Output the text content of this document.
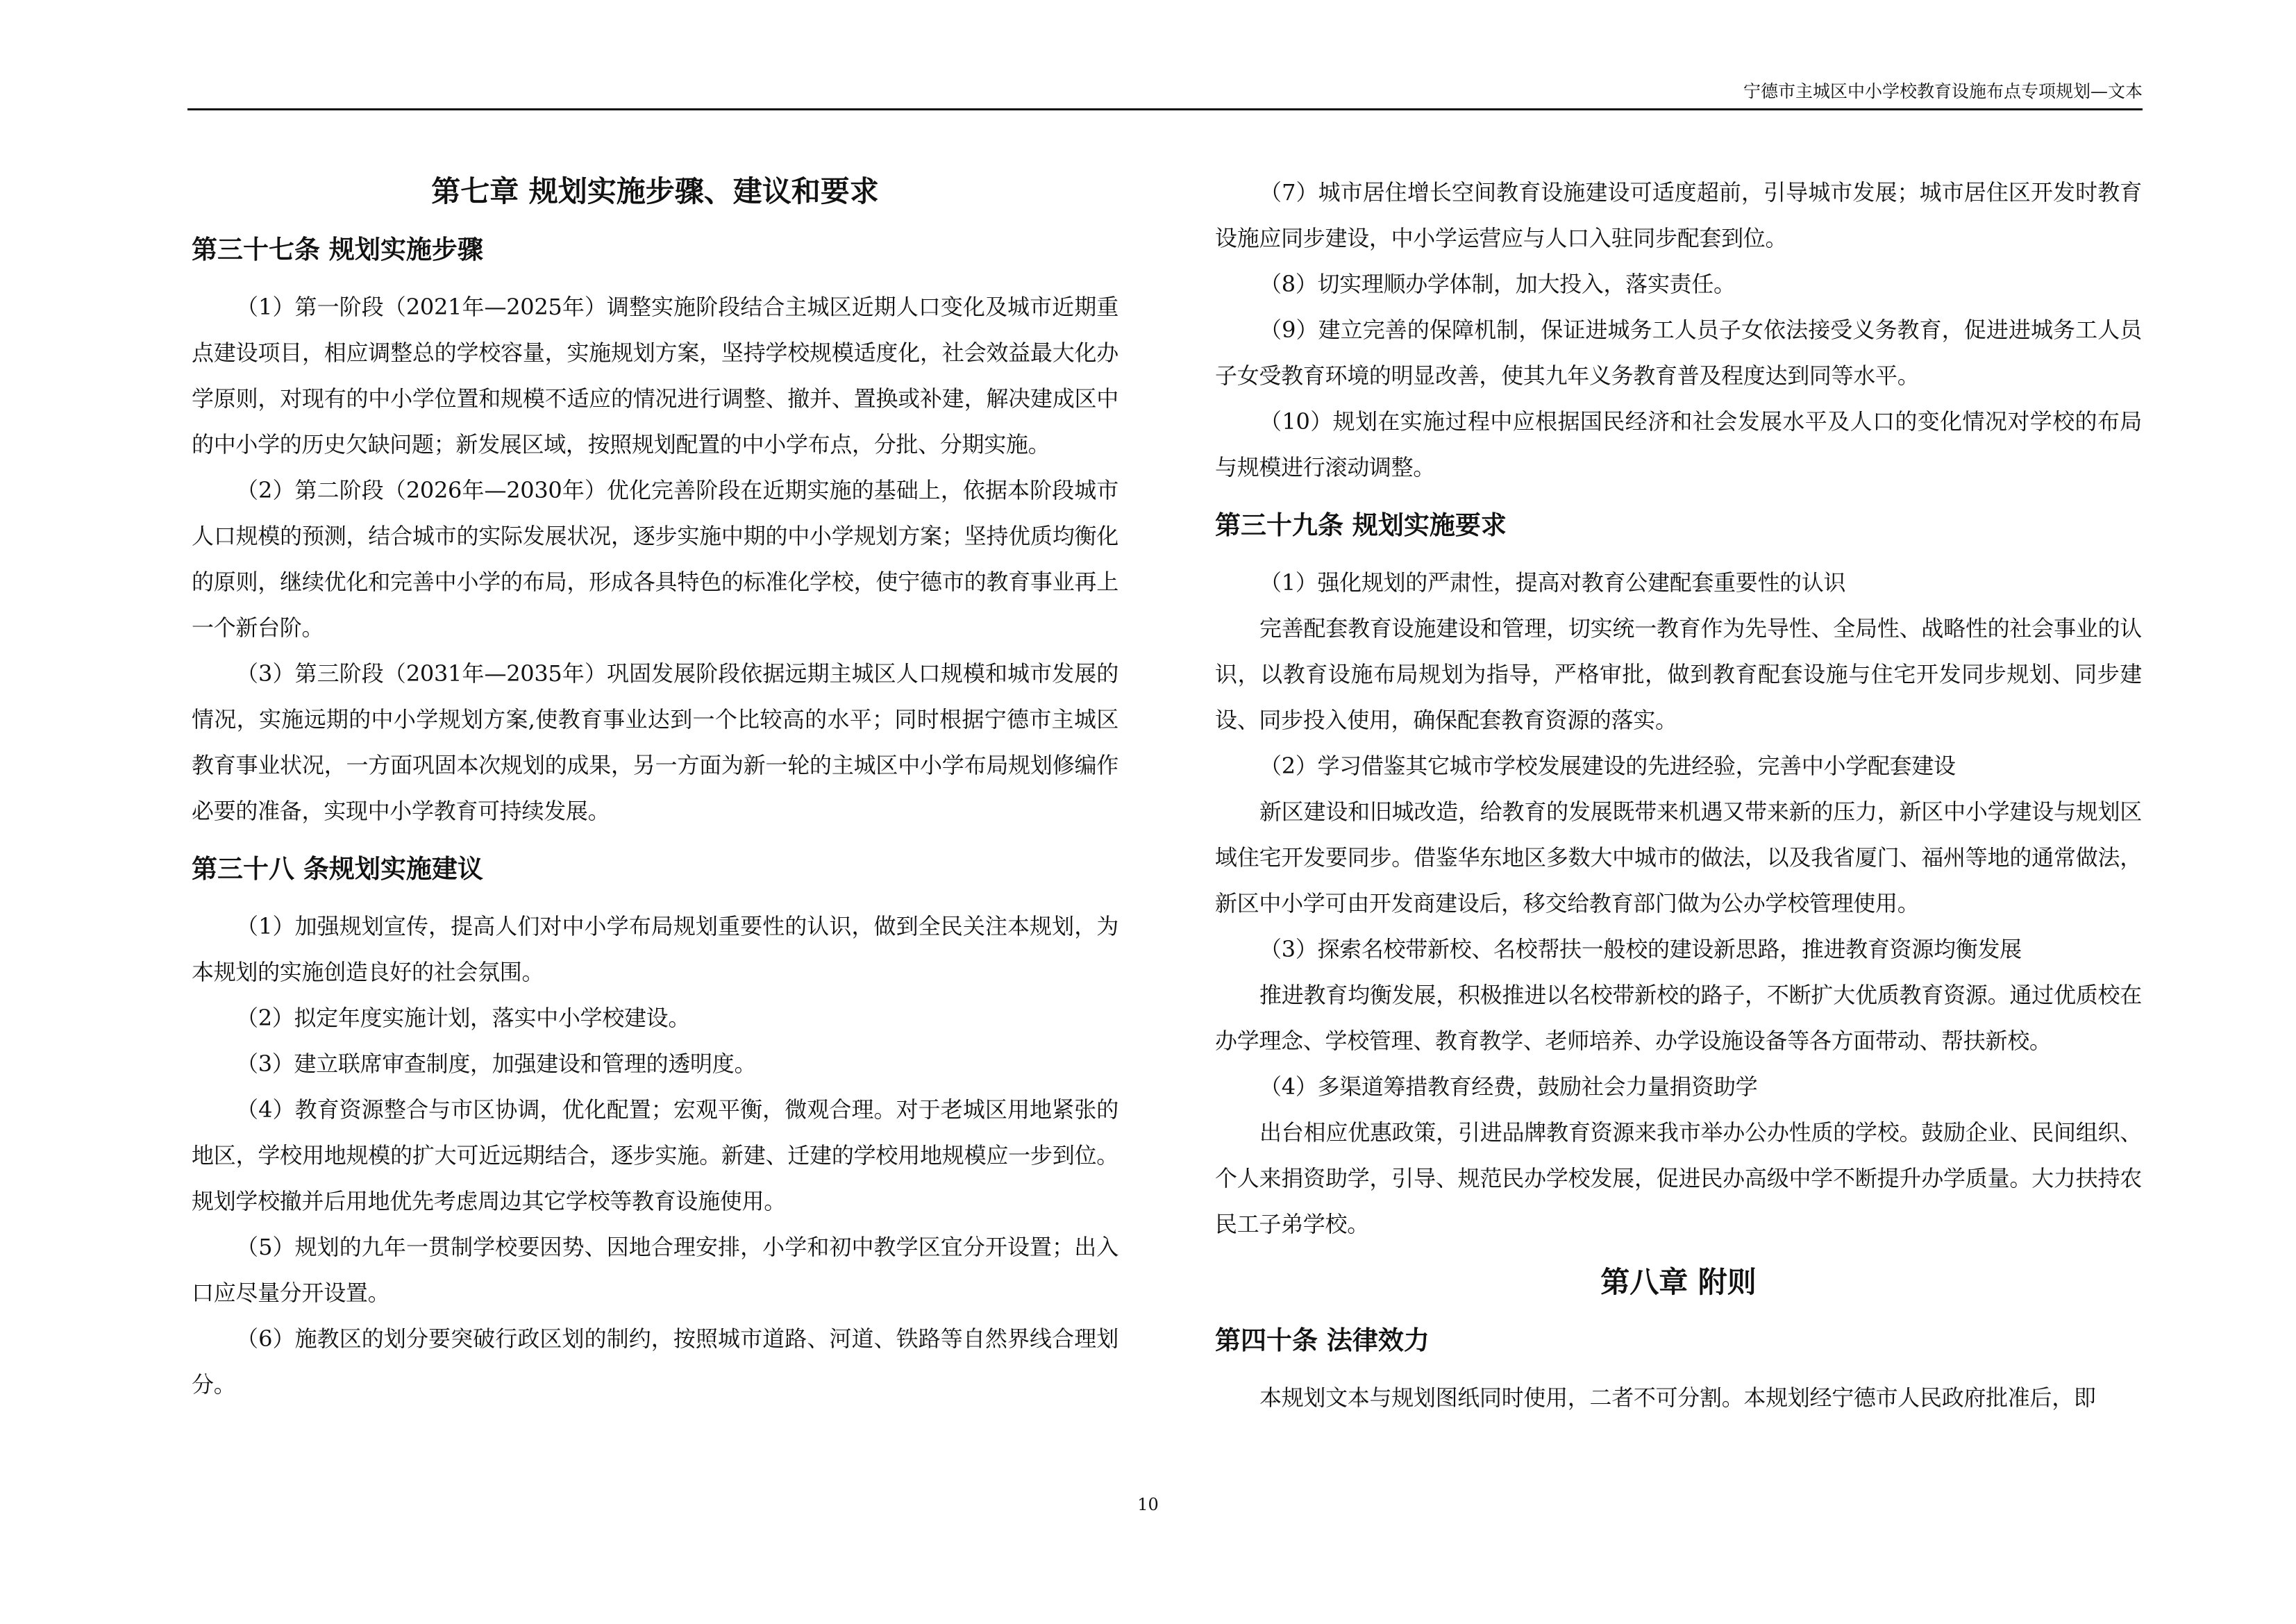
宁德市主城区中小学校教育设施布点专项规划—文本
第七章 规划实施步骤、建议和要求
第三十七条 规划实施步骤

（1）第一阶段（2021年—2025年）调整实施阶段结合主城区近期人口变化及城市近期重点建设项目，相应调整总的学校容量，实施规划方案，坚持学校规模适度化，社会效益最大化办学原则，对现有的中小学位置和规模不适应的情况进行调整、撤并、置换或补建，解决建成区中的中小学的历史欠缺问题；新发展区域，按照规划配置的中小学布点，分批、分期实施。

（2）第二阶段（2026年—2030年）优化完善阶段在近期实施的基础上，依据本阶段城市人口规模的预测，结合城市的实际发展状况，逐步实施中期的中小学规划方案；坚持优质均衡化的原则，继续优化和完善中小学的布局，形成各具特色的标准化学校，使宁德市的教育事业再上一个新台阶。

（3）第三阶段（2031年—2035年）巩固发展阶段依据远期主城区人口规模和城市发展的情况，实施远期的中小学规划方案,使教育事业达到一个比较高的水平；同时根据宁德市主城区教育事业状况，一方面巩固本次规划的成果，另一方面为新一轮的主城区中小学布局规划修编作必要的准备，实现中小学教育可持续发展。

第三十八 条规划实施建议

（1）加强规划宣传，提高人们对中小学布局规划重要性的认识，做到全民关注本规划，为本规划的实施创造良好的社会氛围。

（2）拟定年度实施计划，落实中小学校建设。

（3）建立联席审查制度，加强建设和管理的透明度。

（4）教育资源整合与市区协调，优化配置；宏观平衡，微观合理。对于老城区用地紧张的地区，学校用地规模的扩大可近远期结合，逐步实施。新建、迁建的学校用地规模应一步到位。规划学校撤并后用地优先考虑周边其它学校等教育设施使用。

（5）规划的九年一贯制学校要因势、因地合理安排，小学和初中教学区宜分开设置；出入口应尽量分开设置。

（6）施教区的划分要突破行政区划的制约，按照城市道路、河道、铁路等自然界线合理划分。

（7）城市居住增长空间教育设施建设可适度超前，引导城市发展；城市居住区开发时教育设施应同步建设，中小学运营应与人口入驻同步配套到位。

（8）切实理顺办学体制，加大投入，落实责任。

（9）建立完善的保障机制，保证进城务工人员子女依法接受义务教育，促进进城务工人员子女受教育环境的明显改善，使其九年义务教育普及程度达到同等水平。

（10）规划在实施过程中应根据国民经济和社会发展水平及人口的变化情况对学校的布局与规模进行滚动调整。

第三十九条 规划实施要求

（1）强化规划的严肃性，提高对教育公建配套重要性的认识

完善配套教育设施建设和管理，切实统一教育作为先导性、全局性、战略性的社会事业的认识，以教育设施布局规划为指导，严格审批，做到教育配套设施与住宅开发同步规划、同步建设、同步投入使用，确保配套教育资源的落实。

（2）学习借鉴其它城市学校发展建设的先进经验，完善中小学配套建设

新区建设和旧城改造，给教育的发展既带来机遇又带来新的压力，新区中小学建设与规划区域住宅开发要同步。借鉴华东地区多数大中城市的做法，以及我省厦门、福州等地的通常做法，新区中小学可由开发商建设后，移交给教育部门做为公办学校管理使用。

（3）探索名校带新校、名校帮扶一般校的建设新思路，推进教育资源均衡发展

推进教育均衡发展，积极推进以名校带新校的路子，不断扩大优质教育资源。通过优质校在办学理念、学校管理、教育教学、老师培养、办学设施设备等各方面带动、帮扶新校。

（4）多渠道筹措教育经费，鼓励社会力量捐资助学

出台相应优惠政策，引进品牌教育资源来我市举办公办性质的学校。鼓励企业、民间组织、个人来捐资助学，引导、规范民办学校发展，促进民办高级中学不断提升办学质量。大力扶持农民工子弟学校。

第八章 附则
第四十条 法律效力

本规划文本与规划图纸同时使用，二者不可分割。本规划经宁德市人民政府批准后，即

10
